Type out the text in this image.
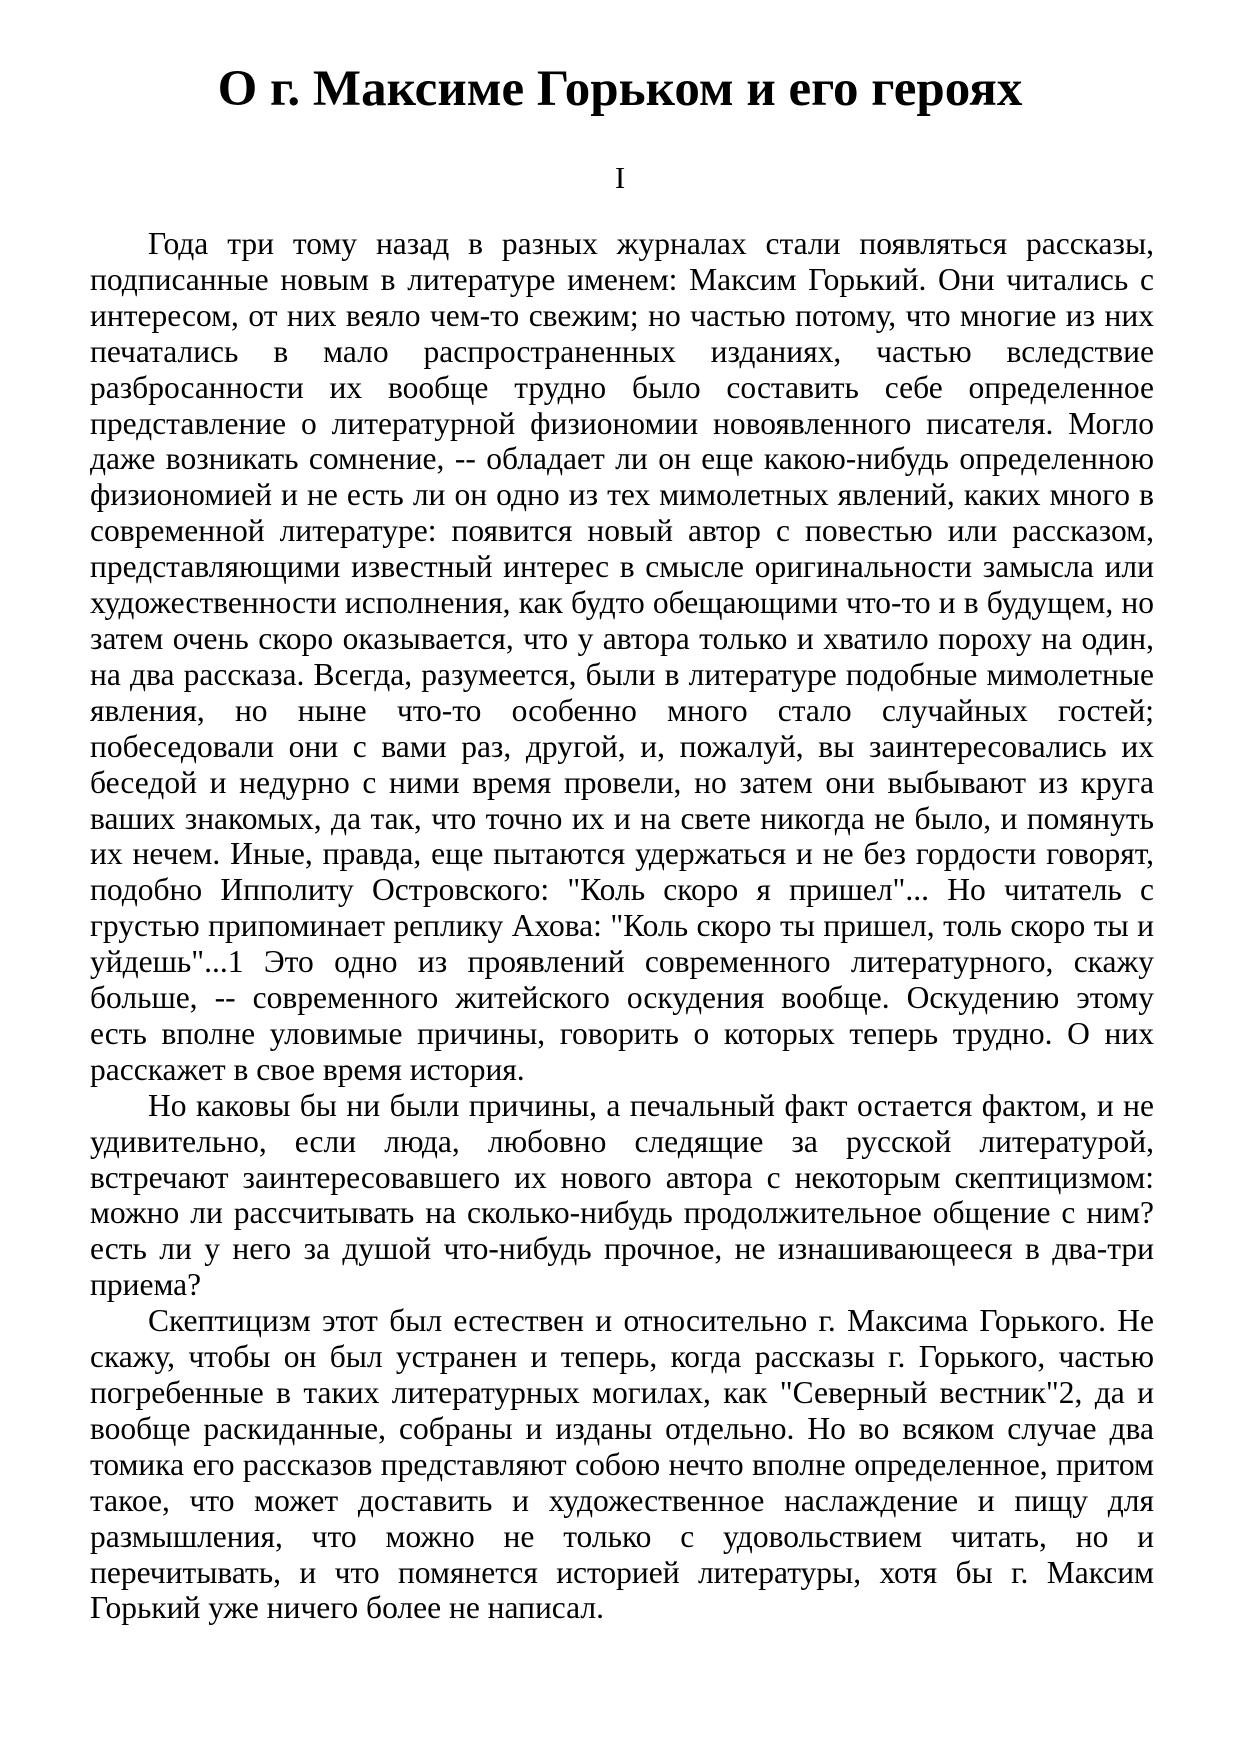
О г. Максиме Горьком и его героях
I

Года три тому назад в разных журналах стали появляться рассказы, подписанные новым в литературе именем: Максим Горький. Они читались с интересом, от них веяло чем-то свежим; но частью потому, что многие из них печатались в мало распространенных изданиях, частью вследствие разбросанности их вообще трудно было составить себе определенное представление о литературной физиономии новоявленного писателя. Могло даже возникать сомнение, -- обладает ли он еще какою-нибудь определенною физиономией и не есть ли он одно из тех мимолетных явлений, каких много в современной литературе: появится новый автор с повестью или рассказом, представляющими известный интерес в смысле оригинальности замысла или художественности исполнения, как будто обещающими что-то и в будущем, но затем очень скоро оказывается, что у автора только и хватило пороху на один, на два рассказа. Всегда, разумеется, были в литературе подобные мимолетные явления, но ныне что-то особенно много стало случайных гостей; побеседовали они с вами раз, другой, и, пожалуй, вы заинтересовались их беседой и недурно с ними время провели, но затем они выбывают из круга ваших знакомых, да так, что точно их и на свете никогда не было, и помянуть их нечем. Иные, правда, еще пытаются удержаться и не без гордости говорят, подобно Ипполиту Островского: "Коль скоро я пришел"... Но читатель с грустью припоминает реплику Ахова: "Коль скоро ты пришел, толь скоро ты и уйдешь"...1 Это одно из проявлений современного литературного, скажу больше, -- современного житейского оскудения вообще. Оскудению этому есть вполне уловимые причины, говорить о которых теперь трудно. О них расскажет в свое время история.

Но каковы бы ни были причины, а печальный факт остается фактом, и не удивительно, если люда, любовно следящие за русской литературой, встречают заинтересовавшего их нового автора с некоторым скептицизмом: можно ли рассчитывать на сколько-нибудь продолжительное общение с ним? есть ли у него за душой что-нибудь прочное, не изнашивающееся в два-три приема?

Скептицизм этот был естествен и относительно г. Максима Горького. Не скажу, чтобы он был устранен и теперь, когда рассказы г. Горького, частью погребенные в таких литературных могилах, как "Северный вестник"2, да и вообще раскиданные, собраны и изданы отдельно. Но во всяком случае два томика его рассказов представляют собою нечто вполне определенное, притом такое, что может доставить и художественное наслаждение и пищу для размышления, что можно не только с удовольствием читать, но и перечитывать, и что помянется историей литературы, хотя бы г. Максим Горький уже ничего более не написал.
